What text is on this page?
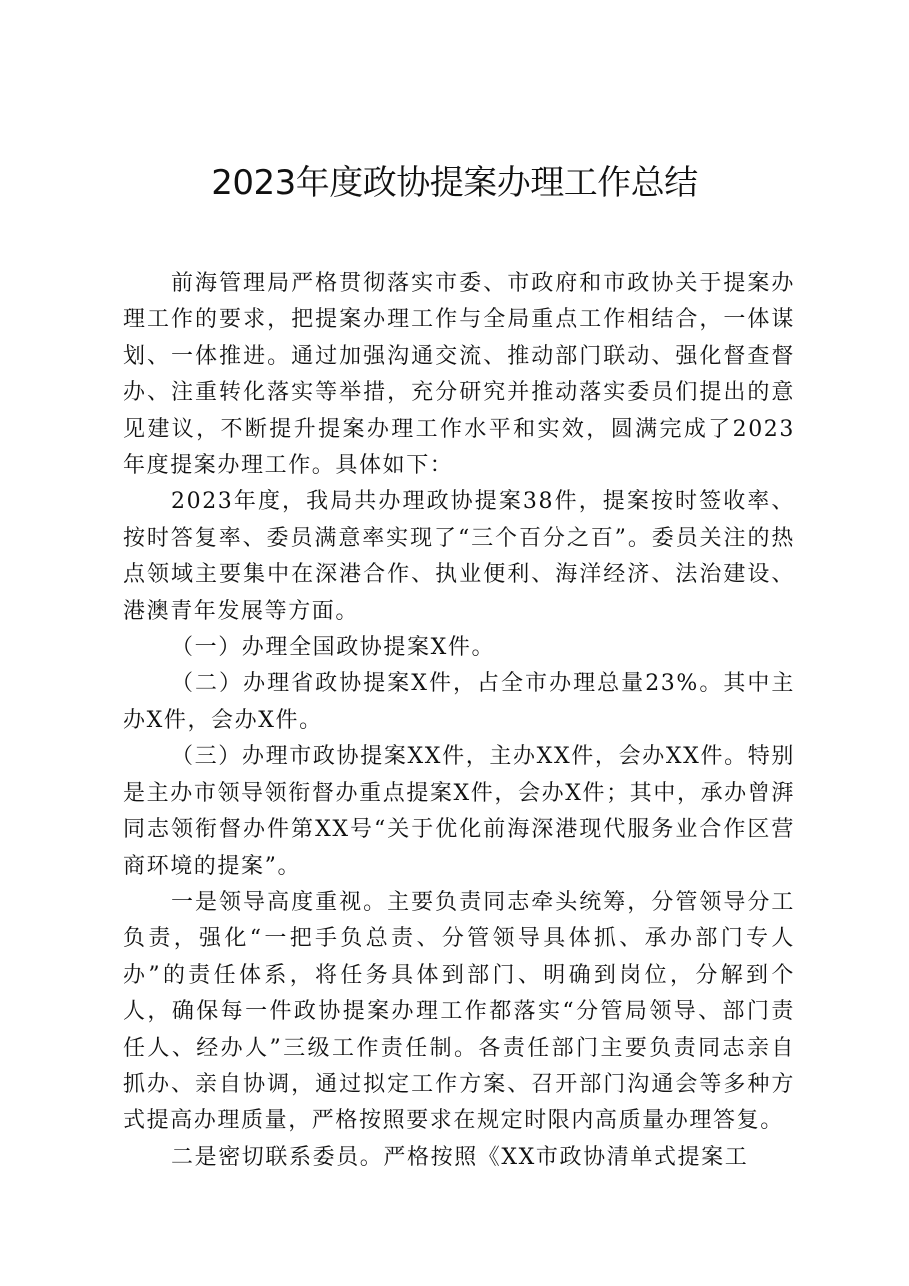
2023年度政协提案办理工作总结

前海管理局严格贯彻落实市委、市政府和市政协关于提案办理工作的要求，把提案办理工作与全局重点工作相结合，一体谋划、一体推进。通过加强沟通交流、推动部门联动、强化督查督办、注重转化落实等举措，充分研究并推动落实委员们提出的意见建议，不断提升提案办理工作水平和实效，圆满完成了2023年度提案办理工作。具体如下：

2023年度，我局共办理政协提案38件，提案按时签收率、按时答复率、委员满意率实现了“三个百分之百”。委员关注的热点领域主要集中在深港合作、执业便利、海洋经济、法治建设、港澳青年发展等方面。

（一）办理全国政协提案X件。

（二）办理省政协提案X件，占全市办理总量23%。其中主办X件，会办X件。

（三）办理市政协提案XX件，主办XX件，会办XX件。特别是主办市领导领衔督办重点提案X件，会办X件；其中，承办曾湃同志领衔督办件第XX号“关于优化前海深港现代服务业合作区营商环境的提案”。

一是领导高度重视。主要负责同志牵头统筹，分管领导分工负责，强化“一把手负总责、分管领导具体抓、承办部门专人办”的责任体系，将任务具体到部门、明确到岗位，分解到个人，确保每一件政协提案办理工作都落实“分管局领导、部门责任人、经办人”三级工作责任制。各责任部门主要负责同志亲自抓办、亲自协调，通过拟定工作方案、召开部门沟通会等多种方式提高办理质量，严格按照要求在规定时限内高质量办理答复。

二是密切联系委员。严格按照《XX市政协清单式提案工
